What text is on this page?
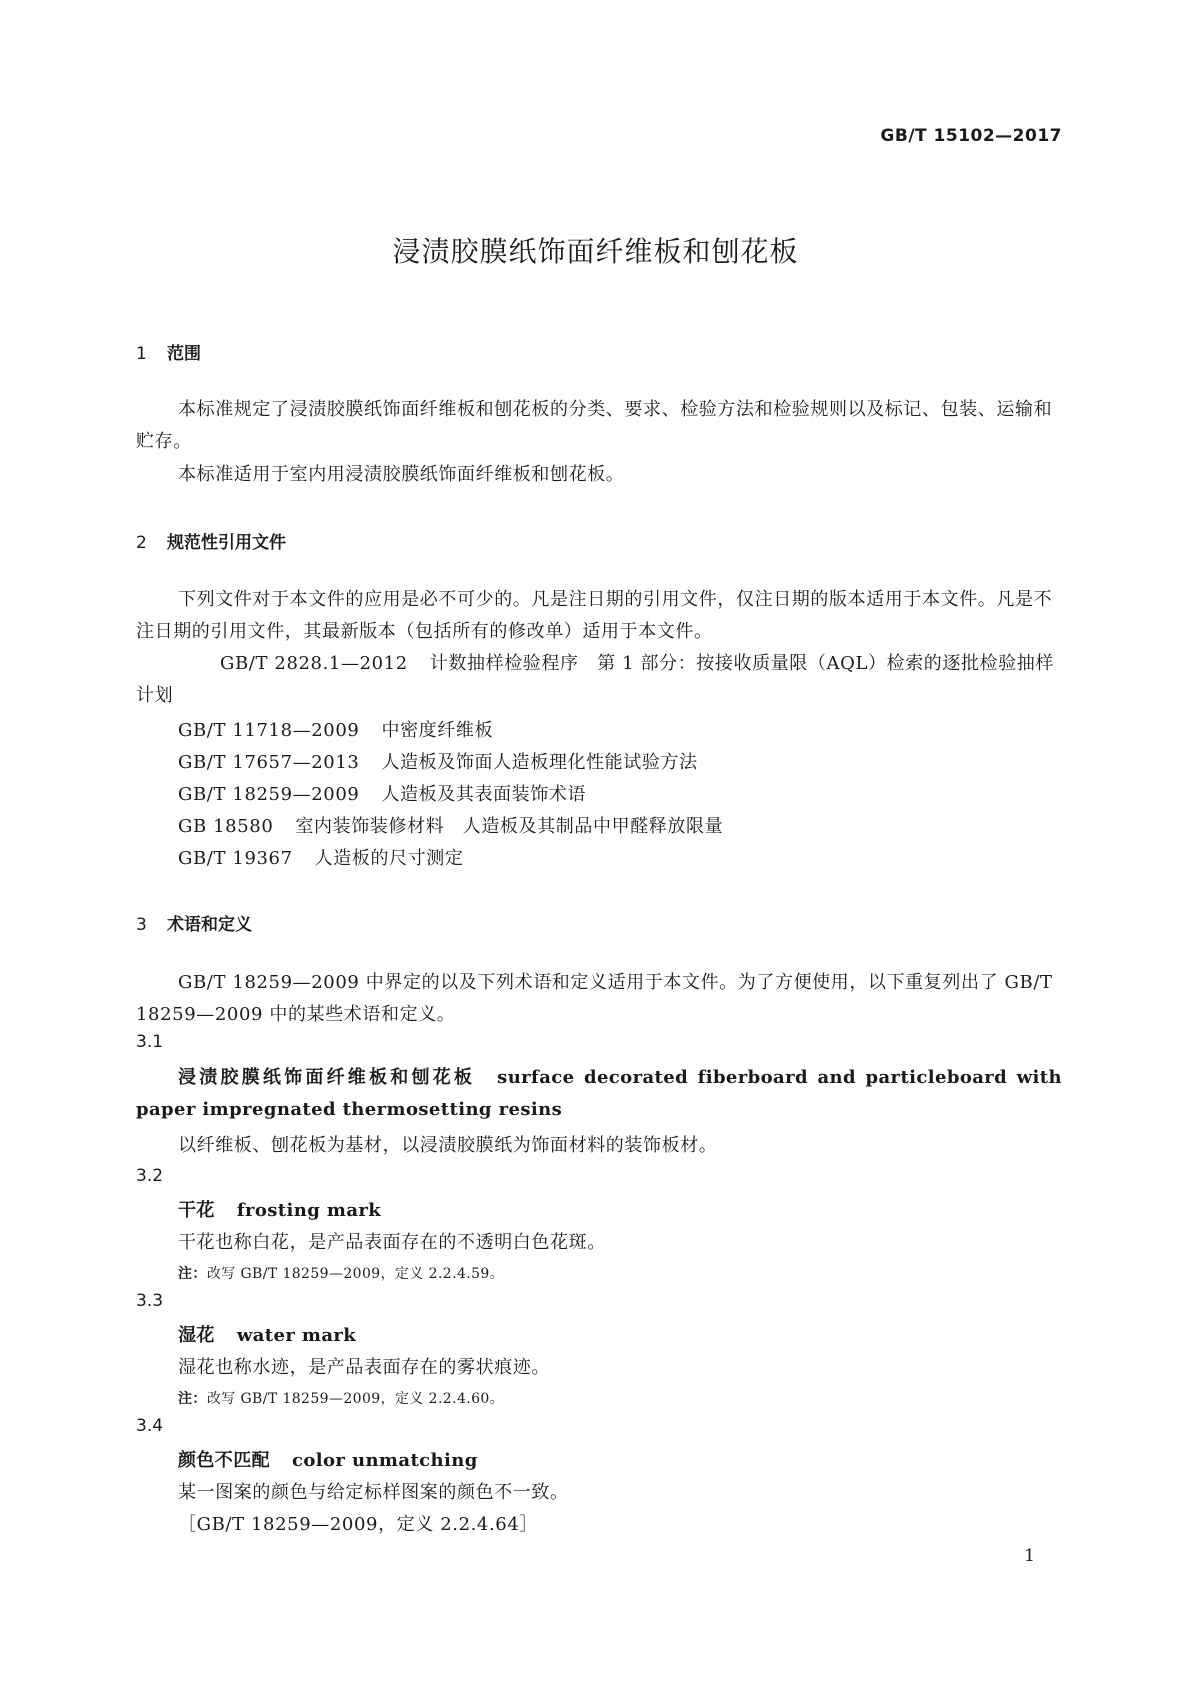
GB/T 15102—2017
浸渍胶膜纸饰面纤维板和刨花板
1 范围

本标准规定了浸渍胶膜纸饰面纤维板和刨花板的分类、要求、检验方法和检验规则以及标记、包装、运输和贮存。

本标准适用于室内用浸渍胶膜纸饰面纤维板和刨花板。

2 规范性引用文件

下列文件对于本文件的应用是必不可少的。凡是注日期的引用文件，仅注日期的版本适用于本文件。凡是不注日期的引用文件，其最新版本（包括所有的修改单）适用于本文件。

GB/T 2828.1—2012 计数抽样检验程序　第 1 部分：按接收质量限（AQL）检索的逐批检验抽样计划

GB/T 11718—2009 中密度纤维板

GB/T 17657—2013 人造板及饰面人造板理化性能试验方法

GB/T 18259—2009 人造板及其表面装饰术语

GB 18580 室内装饰装修材料　人造板及其制品中甲醛释放限量

GB/T 19367 人造板的尺寸测定

3 术语和定义

GB/T 18259—2009 中界定的以及下列术语和定义适用于本文件。为了方便使用，以下重复列出了 GB/T 18259—2009 中的某些术语和定义。

3.1
浸渍胶膜纸饰面纤维板和刨花板 surface decorated fiberboard and particleboard with paper impregnated thermosetting resins
以纤维板、刨花板为基材，以浸渍胶膜纸为饰面材料的装饰板材。
3.2
干花 frosting mark
干花也称白花，是产品表面存在的不透明白色花斑。
注：改写 GB/T 18259—2009，定义 2.2.4.59。
3.3
湿花 water mark
湿花也称水迹，是产品表面存在的雾状痕迹。
注：改写 GB/T 18259—2009，定义 2.2.4.60。
3.4
颜色不匹配 color unmatching
某一图案的颜色与给定标样图案的颜色不一致。
［GB/T 18259—2009，定义 2.2.4.64］
1
